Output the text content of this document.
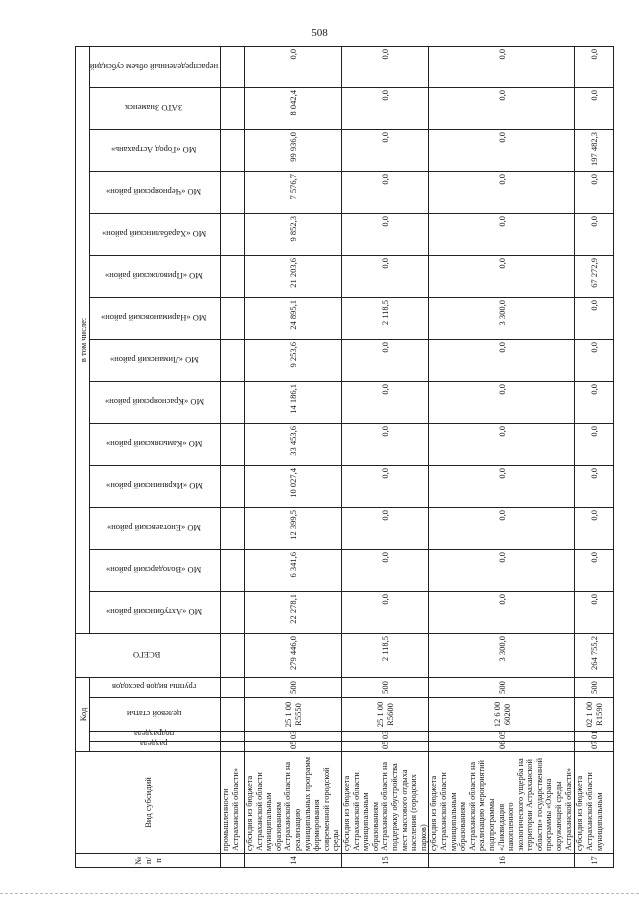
508
№ п/п	Вид субсидий	Код				ВСЕГО	в том числе:													
		раздела	подраздела	целевой статьи	группы видов расходов		МО «Ахтубинский район»	МО «Володарский район»	МО «Енотаевский район»	МО «Икрянинский район»	МО «Камызякский район»	МО «Красноярский район»	МО «Лиманский район»	МО «Наримановский район»	МО «Приволжский район»	МО «Харабалинский район»	МО «Черноярский район»	МО «Город Астрахань»	ЗАТО Знаменск	нераспределенный объем субсидий

	промышленности Астраханской области»																			
14	субсидия из бюджета Астраханской области муниципальным образованиям Астраханской области на реализацию муниципальных программ формирования современной городской среды	05	03	25 1 00 R5550	500	279 446,0	22 278,1	6 341,6	12 399,5	10 027,4	33 453,6	14 186,1	9 253,6	24 895,1	21 203,6	9 852,3	7 576,7	99 936,0	8 042,4	0,0
15	субсидия из бюджета Астраханской области муниципальным образованиям Астраханской области на поддержку обустройства мест массового отдыха населения (городских парков)	05	03	25 1 00 R5600	500	2 118,5	0,0	0,0	0,0	0,0	0,0	0,0	0,0	2 118,5	0,0	0,0	0,0	0,0	0,0	0,0
16	субсидия из бюджета Астраханской области муниципальным образованиям Астраханской области на реализацию мероприятий подпрограммы «Ликвидация накопленного экологического ущерба на территории Астраханской области» государственной программы «Охрана окружающей среды Астраханской области»	06	05	12 6 00 60200	500	3 300,0	0,0	0,0	0,0	0,0	0,0	0,0	0,0	3 300,0	0,0	0,0	0,0	0,0	0,0	0,0
17	субсидия из бюджета Астраханской области муниципальным	07	01	02 1 00 R1590	500	264 755,2	0,0	0,0	0,0	0,0	0,0	0,0	0,0	0,0	67 272,9	0,0	0,0	197 482,3	0,0	0,0
